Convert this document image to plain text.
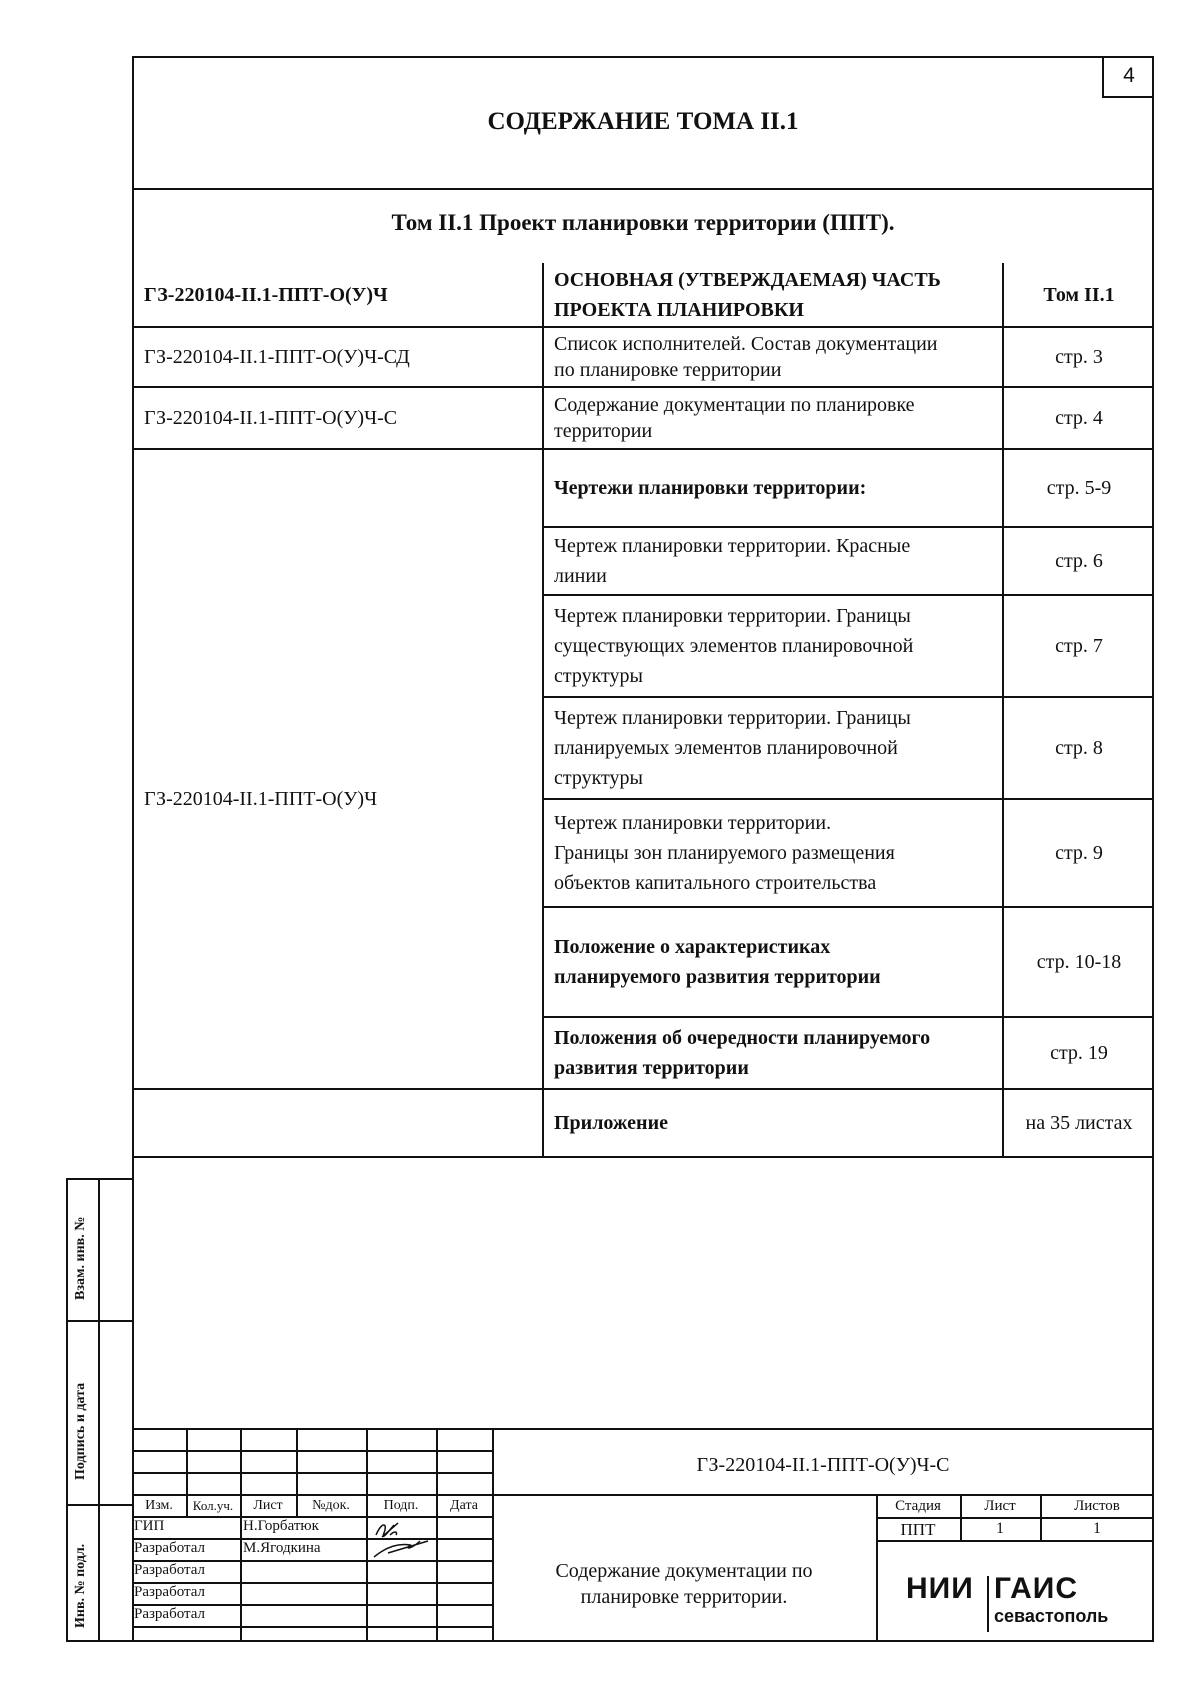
4
СОДЕРЖАНИЕ ТОМА II.1
Том II.1 Проект планировки территории (ППТ).
ГЗ-220104-II.1-ППТ-О(У)Ч	ОСНОВНАЯ (УТВЕРЖДАЕМАЯ) ЧАСТЬ
ПРОЕКТА ПЛАНИРОВКИ	Том II.1
ГЗ-220104-II.1-ППТ-О(У)Ч-СД	Список исполнителей. Состав документации
по планировке территории	стр. 3
ГЗ-220104-II.1-ППТ-О(У)Ч-С	Содержание документации по планировке
территории	стр. 4
ГЗ-220104-II.1-ППТ-О(У)Ч	Чертежи планировки территории:	стр. 5-9
	Чертеж планировки территории. Красные
линии	стр. 6
	Чертеж планировки территории. Границы
существующих элементов планировочной
структуры	стр. 7
	Чертеж планировки территории. Границы
планируемых элементов планировочной
структуры	стр. 8
	Чертеж планировки территории.
Границы зон планируемого размещения
объектов капитального строительства	стр. 9
	Положение о характеристиках
планируемого развития территории	стр. 10-18
	Положения об очередности планируемого
развития территории	стр. 19
	Приложение	на 35 листах
Взам. инв. №
Подпись и дата
Инв. № подл.
ГЗ-220104-II.1-ППТ-О(У)Ч-С
Изм.	Кол.уч.	Лист	№док.	Подп.	Дата
ГИП	Н.Горбатюк
Разработал	М.Ягодкина
Разработал
Разработал
Разработал
Содержание документации по
планировке территории.
Стадия	Лист	Листов
ППТ	1	1
НИИ ГАИС
севастополь
